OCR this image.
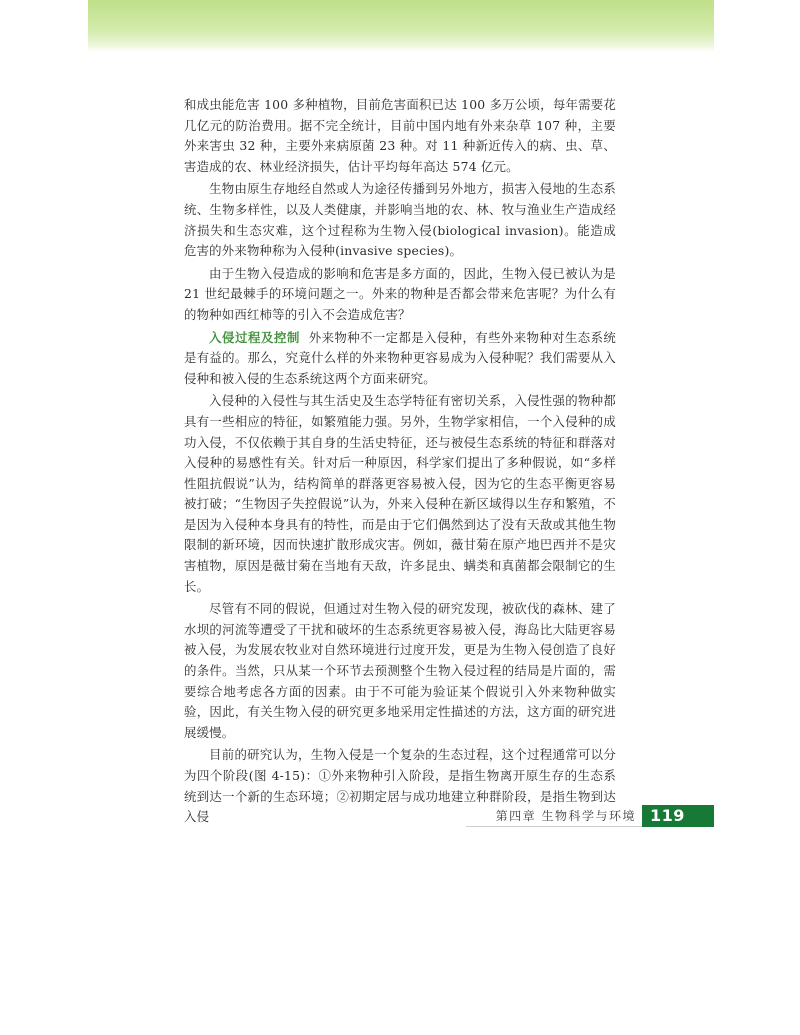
和成虫能危害 100 多种植物，目前危害面积已达 100 多万公顷，每年需要花几亿元的防治费用。据不完全统计，目前中国内地有外来杂草 107 种，主要外来害虫 32 种，主要外来病原菌 23 种。对 11 种新近传入的病、虫、草、害造成的农、林业经济损失，估计平均每年高达 574 亿元。

生物由原生存地经自然或人为途径传播到另外地方，损害入侵地的生态系统、生物多样性，以及人类健康，并影响当地的农、林、牧与渔业生产造成经济损失和生态灾难，这个过程称为生物入侵(biological invasion)。能造成危害的外来物种称为入侵种(invasive species)。

由于生物入侵造成的影响和危害是多方面的，因此，生物入侵已被认为是 21 世纪最棘手的环境问题之一。外来的物种是否都会带来危害呢？为什么有的物种如西红柿等的引入不会造成危害？

入侵过程及控制 外来物种不一定都是入侵种，有些外来物种对生态系统是有益的。那么，究竟什么样的外来物种更容易成为入侵种呢？我们需要从入侵种和被入侵的生态系统这两个方面来研究。

入侵种的入侵性与其生活史及生态学特征有密切关系，入侵性强的物种都具有一些相应的特征，如繁殖能力强。另外，生物学家相信，一个入侵种的成功入侵，不仅依赖于其自身的生活史特征，还与被侵生态系统的特征和群落对入侵种的易感性有关。针对后一种原因，科学家们提出了多种假说，如“多样性阻抗假说”认为，结构简单的群落更容易被入侵，因为它的生态平衡更容易被打破；“生物因子失控假说”认为，外来入侵种在新区域得以生存和繁殖，不是因为入侵种本身具有的特性，而是由于它们偶然到达了没有天敌或其他生物限制的新环境，因而快速扩散形成灾害。例如，薇甘菊在原产地巴西并不是灾害植物，原因是薇甘菊在当地有天敌，许多昆虫、螨类和真菌都会限制它的生长。

尽管有不同的假说，但通过对生物入侵的研究发现，被砍伐的森林、建了水坝的河流等遭受了干扰和破坏的生态系统更容易被入侵，海岛比大陆更容易被入侵，为发展农牧业对自然环境进行过度开发，更是为生物入侵创造了良好的条件。当然，只从某一个环节去预测整个生物入侵过程的结局是片面的，需要综合地考虑各方面的因素。由于不可能为验证某个假说引入外来物种做实验，因此，有关生物入侵的研究更多地采用定性描述的方法，这方面的研究进展缓慢。

目前的研究认为，生物入侵是一个复杂的生态过程，这个过程通常可以分为四个阶段(图 4-15)：①外来物种引入阶段，是指生物离开原生存的生态系统到达一个新的生态环境；②初期定居与成功地建立种群阶段，是指生物到达入侵	第四章 生物科学与环境 119
